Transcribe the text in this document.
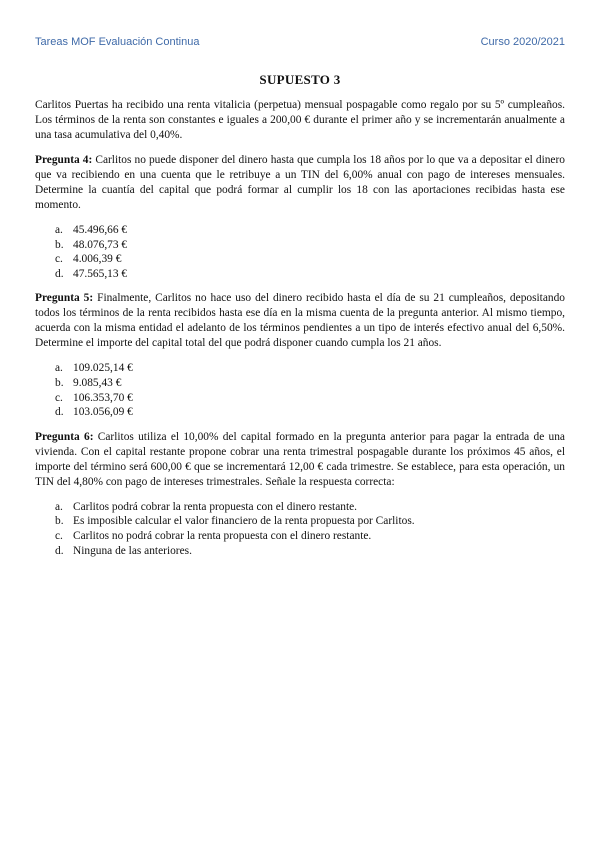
Tareas MOF Evaluación Continua	Curso 2020/2021
SUPUESTO 3

Carlitos Puertas ha recibido una renta vitalicia (perpetua) mensual pospagable como regalo por su 5º cumpleaños. Los términos de la renta son constantes e iguales a 200,00 € durante el primer año y se incrementarán anualmente a una tasa acumulativa del 0,40%.

Pregunta 4: Carlitos no puede disponer del dinero hasta que cumpla los 18 años por lo que va a depositar el dinero que va recibiendo en una cuenta que le retribuye a un TIN del 6,00% anual con pago de intereses mensuales. Determine la cuantía del capital que podrá formar al cumplir los 18 con las aportaciones recibidas hasta ese momento.

a. 45.496,66 €
b. 48.076,73 €
c. 4.006,39 €
d. 47.565,13 €

Pregunta 5: Finalmente, Carlitos no hace uso del dinero recibido hasta el día de su 21 cumpleaños, depositando todos los términos de la renta recibidos hasta ese día en la misma cuenta de la pregunta anterior. Al mismo tiempo, acuerda con la misma entidad el adelanto de los términos pendientes a un tipo de interés efectivo anual del 6,50%. Determine el importe del capital total del que podrá disponer cuando cumpla los 21 años.

a. 109.025,14 €
b. 9.085,43 €
c. 106.353,70 €
d. 103.056,09 €

Pregunta 6: Carlitos utiliza el 10,00% del capital formado en la pregunta anterior para pagar la entrada de una vivienda. Con el capital restante propone cobrar una renta trimestral pospagable durante los próximos 45 años, el importe del término será 600,00 € que se incrementará 12,00 € cada trimestre. Se establece, para esta operación, un TIN del 4,80% con pago de intereses trimestrales. Señale la respuesta correcta:

a. Carlitos podrá cobrar la renta propuesta con el dinero restante.
b. Es imposible calcular el valor financiero de la renta propuesta por Carlitos.
c. Carlitos no podrá cobrar la renta propuesta con el dinero restante.
d. Ninguna de las anteriores.
